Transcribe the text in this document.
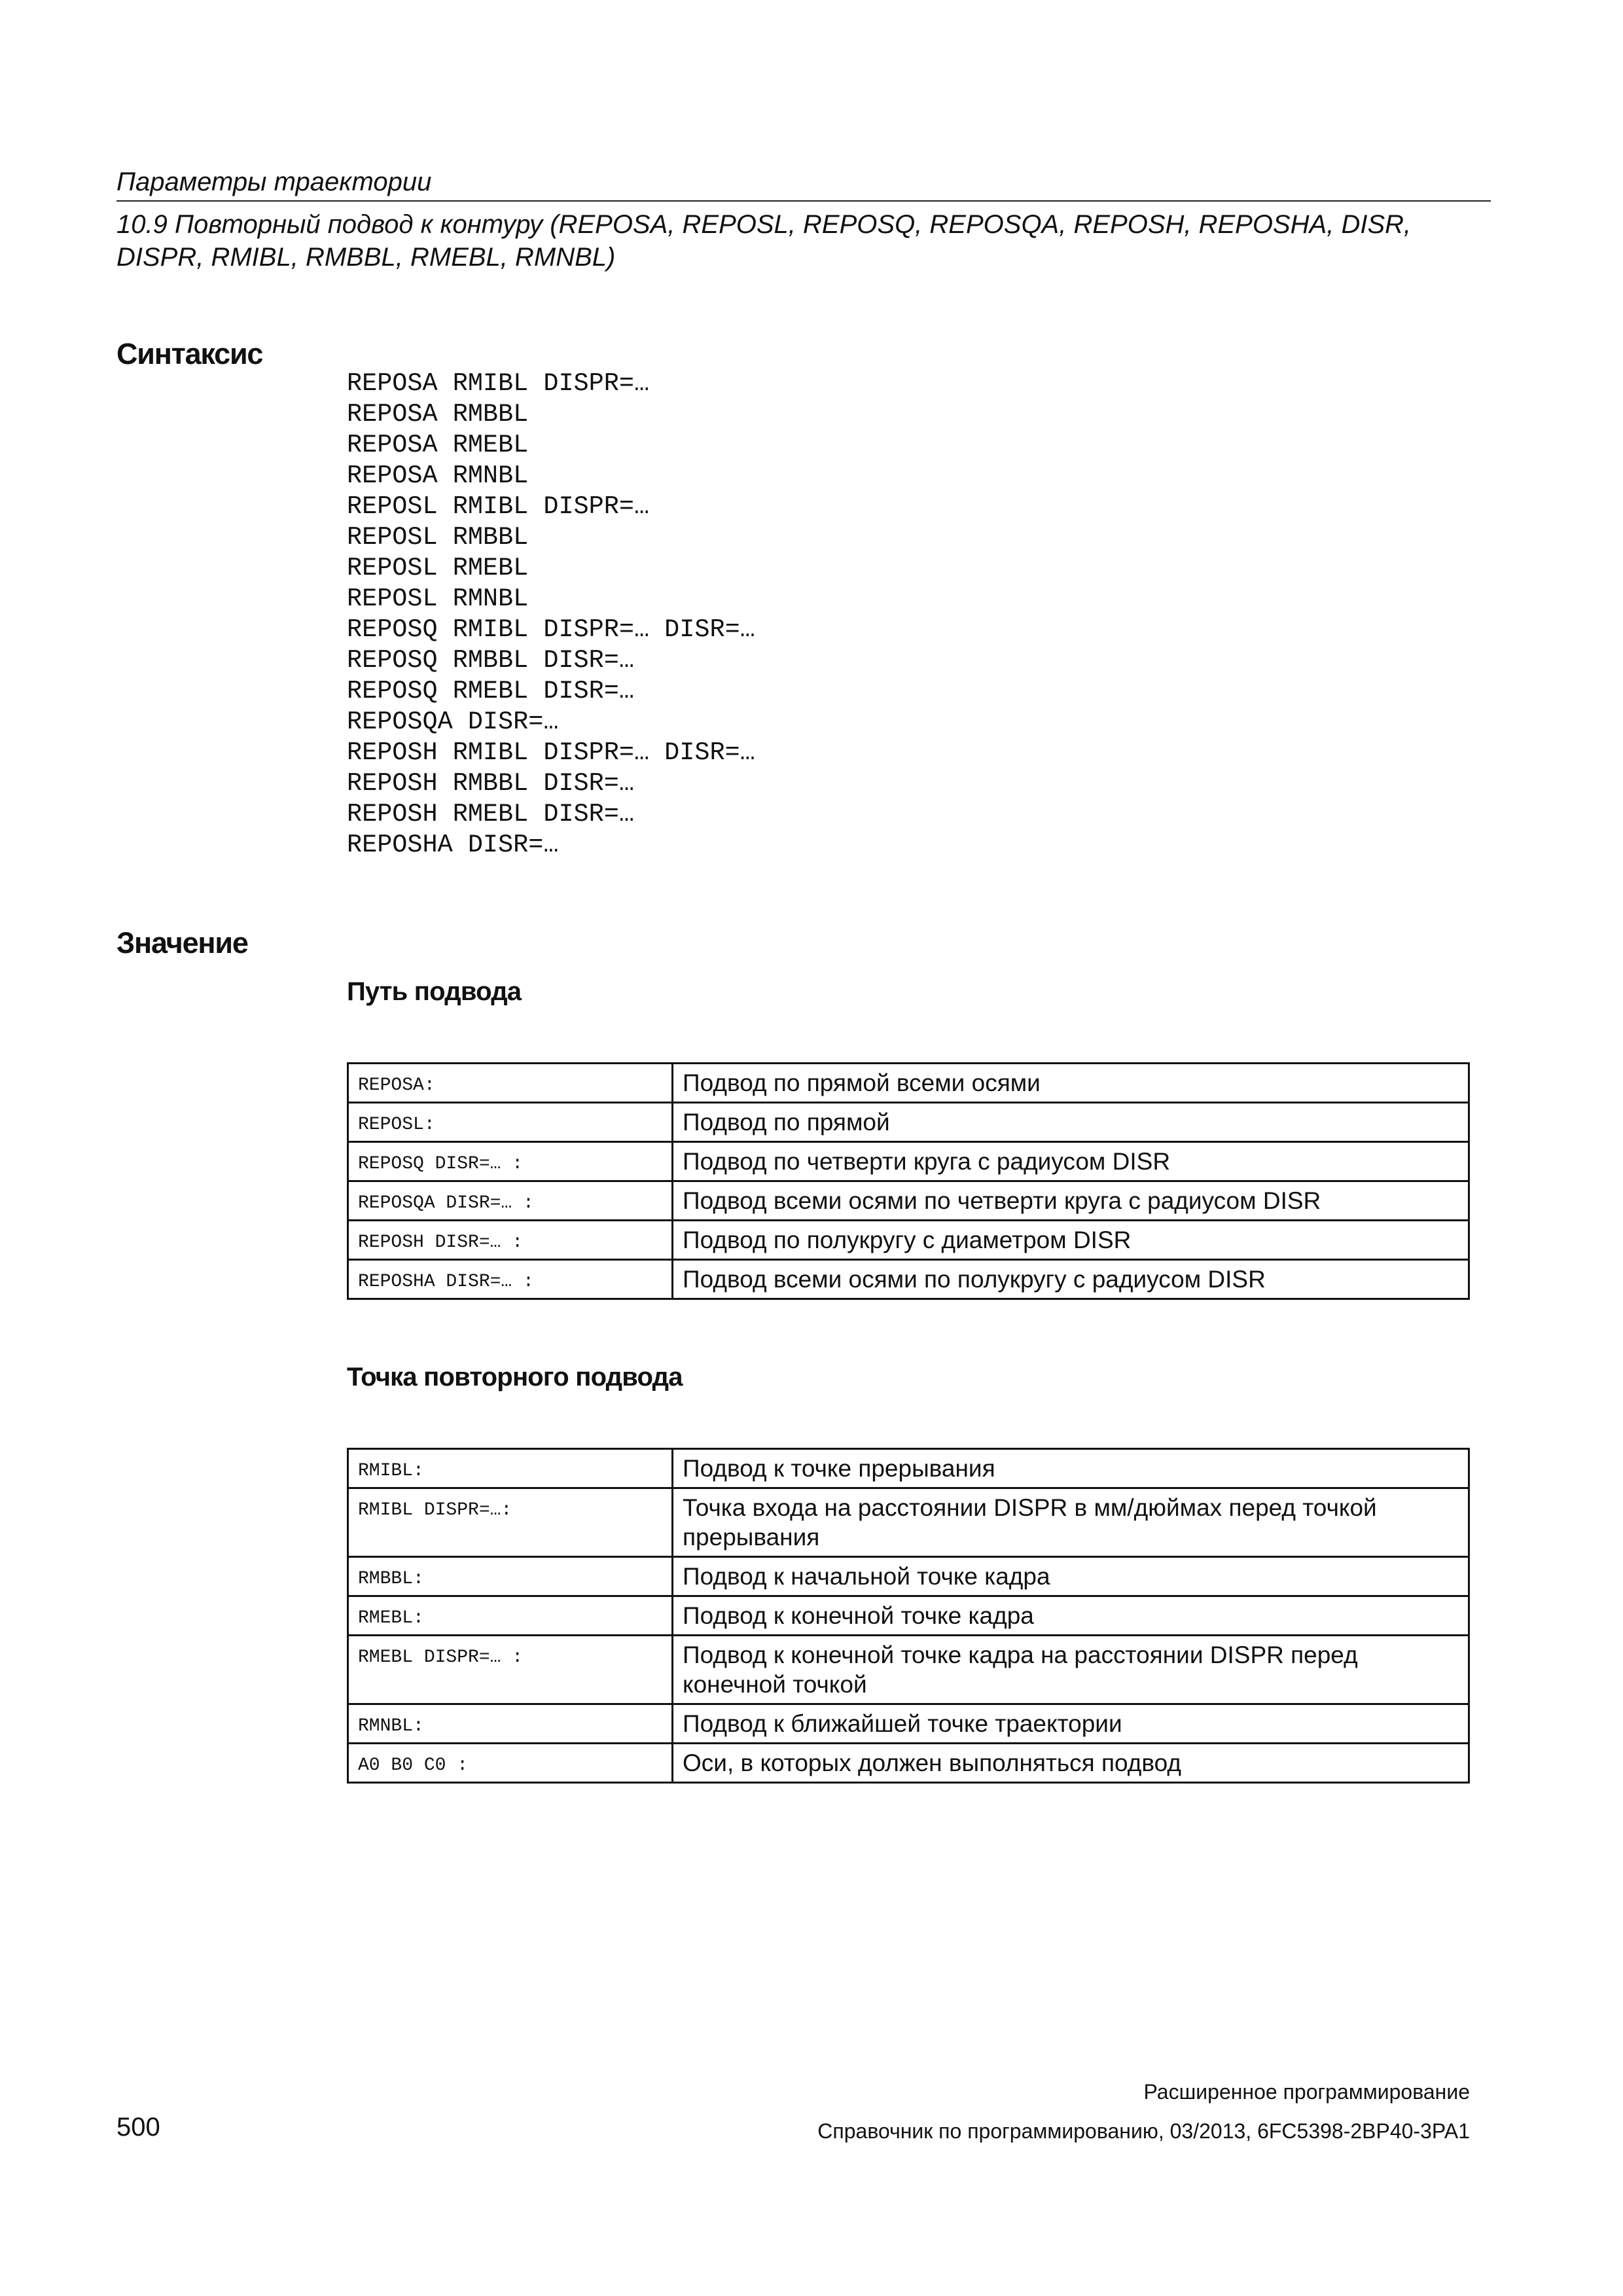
Параметры траектории
10.9 Повторный подвод к контуру (REPOSA, REPOSL, REPOSQ, REPOSQA, REPOSH, REPOSHA, DISR, DISPR, RMIBL, RMBBL, RMEBL, RMNBL)
Синтаксис
REPOSA RMIBL DISPR=…
REPOSA RMBBL
REPOSA RMEBL
REPOSA RMNBL
REPOSL RMIBL DISPR=…
REPOSL RMBBL
REPOSL RMEBL
REPOSL RMNBL
REPOSQ RMIBL DISPR=… DISR=…
REPOSQ RMBBL DISR=…
REPOSQ RMEBL DISR=…
REPOSQA DISR=…
REPOSH RMIBL DISPR=… DISR=…
REPOSH RMBBL DISR=…
REPOSH RMEBL DISR=…
REPOSHA DISR=…
Значение
Путь подвода
REPOSA:	Подвод по прямой всеми осями
REPOSL:	Подвод по прямой
REPOSQ DISR=… :	Подвод по четверти круга с радиусом DISR
REPOSQA DISR=… :	Подвод всеми осями по четверти круга с радиусом DISR
REPOSH DISR=… :	Подвод по полукругу с диаметром DISR
REPOSHA DISR=… :	Подвод всеми осями по полукругу с радиусом DISR
Точка повторного подвода
RMIBL:	Подвод к точке прерывания
RMIBL DISPR=…:	Точка входа на расстоянии DISPR в мм/дюймах перед точкой прерывания
RMBBL:	Подвод к начальной точке кадра
RMEBL:	Подвод к конечной точке кадра
RMEBL DISPR=… :	Подвод к конечной точке кадра на расстоянии DISPR перед конечной точкой
RMNBL:	Подвод к ближайшей точке траектории
A0 B0 C0 :	Оси, в которых должен выполняться подвод
500
Расширенное программирование
Справочник по программированию, 03/2013, 6FC5398-2BP40-3PA1
